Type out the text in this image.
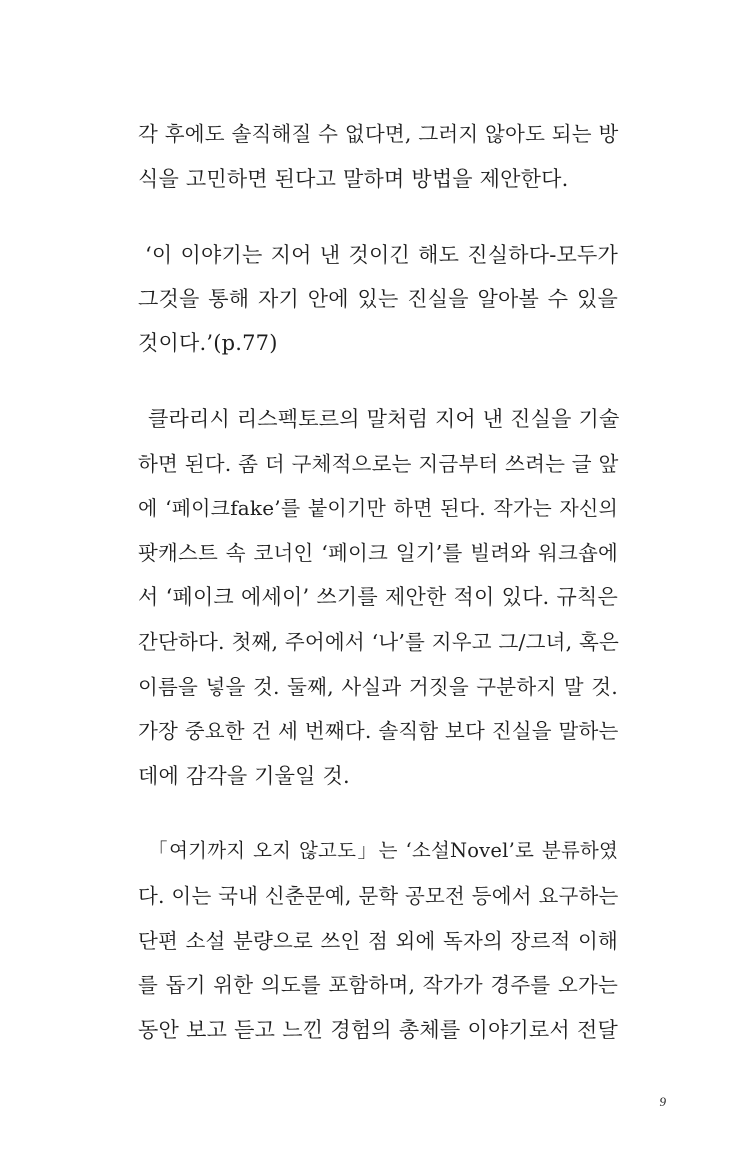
각 후에도 솔직해질 수 없다면, 그러지 않아도 되는 방
식을 고민하면 된다고 말하며 방법을 제안한다.
‘이 이야기는 지어 낸 것이긴 해도 진실하다-모두가
그것을 통해 자기 안에 있는 진실을 알아볼 수 있을
것이다.’(p.77)
클라리시 리스펙토르의 말처럼 지어 낸 진실을 기술
하면 된다. 좀 더 구체적으로는 지금부터 쓰려는 글 앞
에 ‘페이크fake’를 붙이기만 하면 된다. 작가는 자신의
팟캐스트 속 코너인 ‘페이크 일기’를 빌려와 워크숍에
서 ‘페이크 에세이’ 쓰기를 제안한 적이 있다. 규칙은
간단하다. 첫째, 주어에서 ‘나’를 지우고 그/그녀, 혹은
이름을 넣을 것. 둘째, 사실과 거짓을 구분하지 말 것.
가장 중요한 건 세 번째다. 솔직함 보다 진실을 말하는
데에 감각을 기울일 것.
「여기까지 오지 않고도」는 ‘소설Novel’로 분류하였
다. 이는 국내 신춘문예, 문학 공모전 등에서 요구하는
단편 소설 분량으로 쓰인 점 외에 독자의 장르적 이해
를 돕기 위한 의도를 포함하며, 작가가 경주를 오가는
동안 보고 듣고 느낀 경험의 총체를 이야기로서 전달
9
